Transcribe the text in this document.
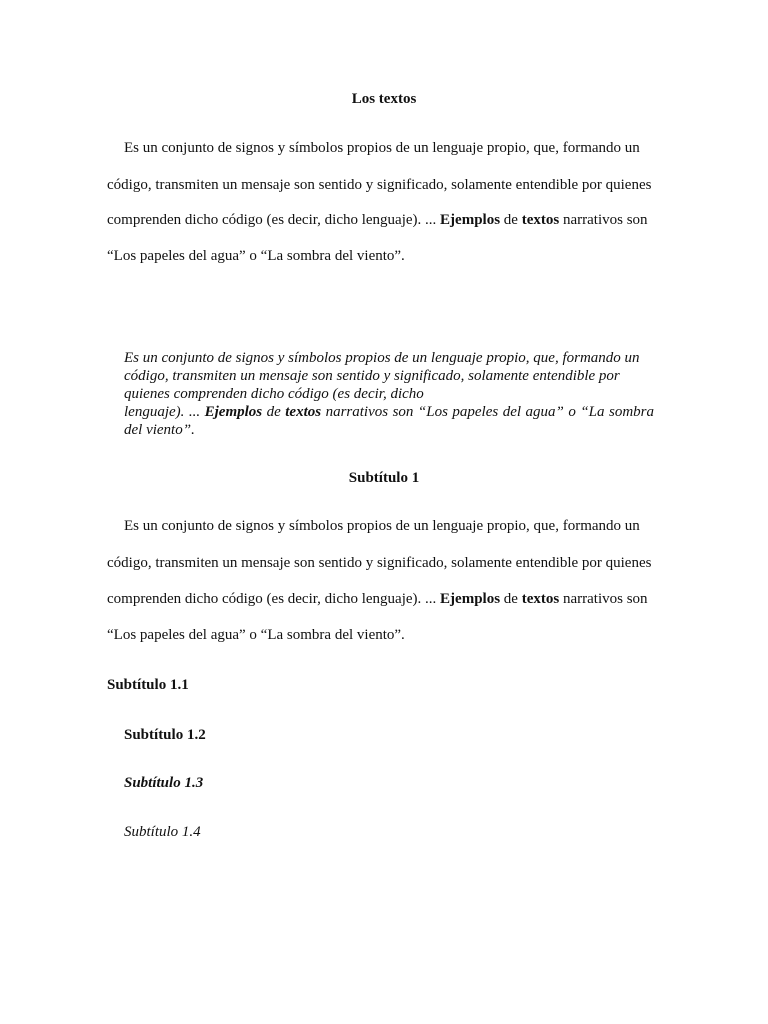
Los textos
Es un conjunto de signos y símbolos propios de un lenguaje propio, que, formando un
código, transmiten un mensaje son sentido y significado, solamente entendible por quienes
comprenden dicho código (es decir, dicho lenguaje). ... Ejemplos de textos narrativos son
“Los papeles del agua” o “La sombra del viento”.
Es un conjunto de signos y símbolos propios de un lenguaje propio, que, formando un
código, transmiten un mensaje son sentido y significado, solamente entendible por
quienes comprenden dicho código (es decir, dicho
lenguaje). ... Ejemplos de textos narrativos son “Los papeles del agua” o “La sombra
del viento”.
Subtítulo 1
Es un conjunto de signos y símbolos propios de un lenguaje propio, que, formando un
código, transmiten un mensaje son sentido y significado, solamente entendible por quienes
comprenden dicho código (es decir, dicho lenguaje). ... Ejemplos de textos narrativos son
“Los papeles del agua” o “La sombra del viento”.
Subtítulo 1.1
Subtítulo 1.2
Subtítulo 1.3
Subtítulo 1.4
